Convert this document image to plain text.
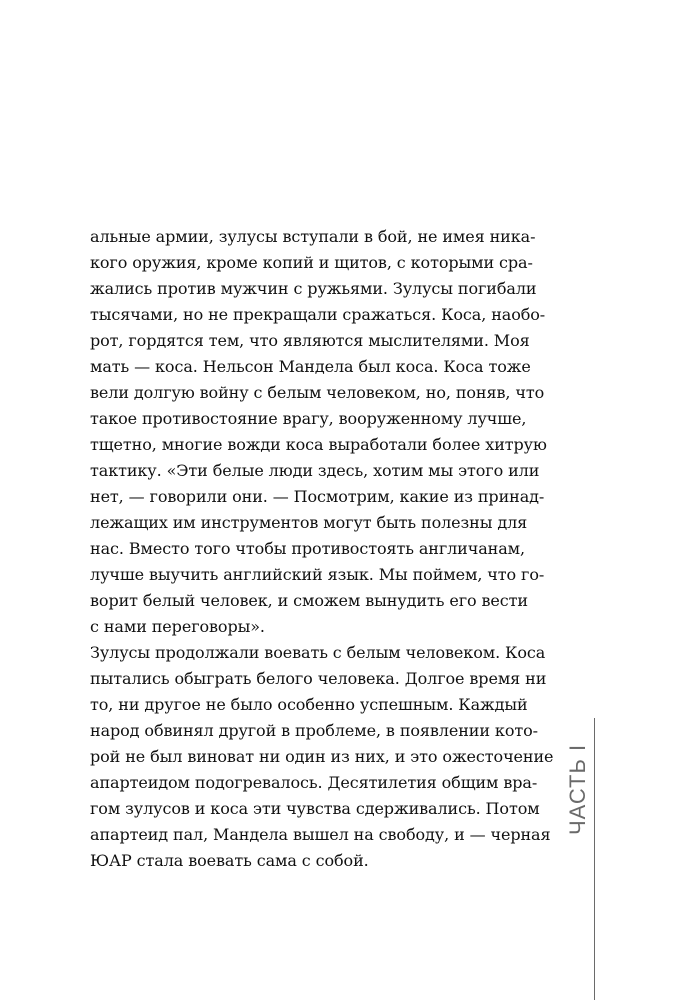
альные армии, зулусы вступали в бой, не имея ника-
кого оружия, кроме копий и щитов, с которыми сра-
жались против мужчин с ружьями. Зулусы погибали
тысячами, но не прекращали сражаться. Коса, наобо-
рот, гордятся тем, что являются мыслителями. Моя
мать — коса. Нельсон Мандела был коса. Коса тоже
вели долгую войну с белым человеком, но, поняв, что
такое противостояние врагу, вооруженному лучше,
тщетно, многие вожди коса выработали более хитрую
тактику. «Эти белые люди здесь, хотим мы этого или
нет, — говорили они. — Посмотрим, какие из принад-
лежащих им инструментов могут быть полезны для
нас. Вместо того чтобы противостоять англичанам,
лучше выучить английский язык. Мы поймем, что го-
ворит белый человек, и сможем вынудить его вести
с нами переговоры».
Зулусы продолжали воевать с белым человеком. Коса
пытались обыграть белого человека. Долгое время ни
то, ни другое не было особенно успешным. Каждый
народ обвинял другой в проблеме, в появлении кото-
рой не был виноват ни один из них, и это ожесточение
апартеидом подогревалось. Десятилетия общим вра-
гом зулусов и коса эти чувства сдерживались. Потом
апартеид пал, Мандела вышел на свободу, и — черная
ЮАР стала воевать сама с собой.
ЧАСТЬ I
